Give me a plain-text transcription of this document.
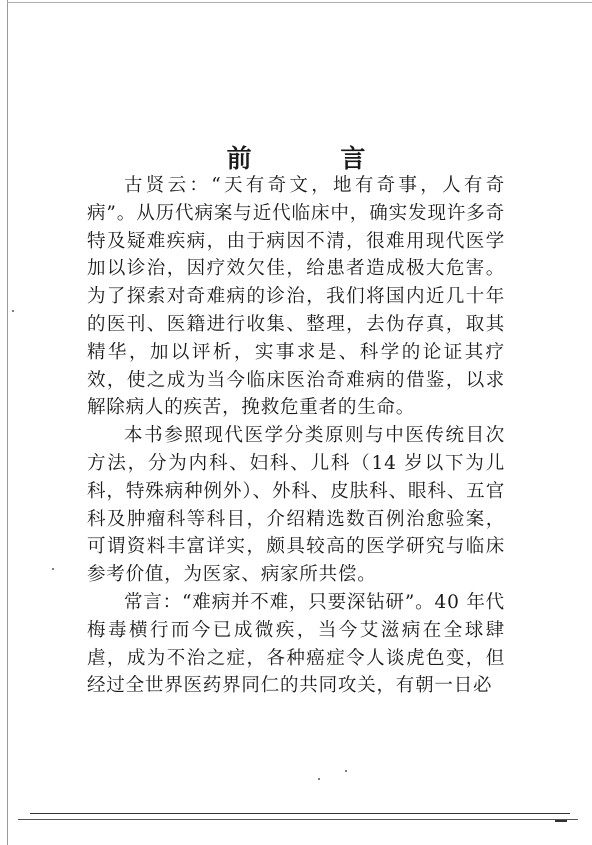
前 言

古贤云：“天有奇文，地有奇事，人有奇病”。从历代病案与近代临床中，确实发现许多奇特及疑难疾病，由于病因不清，很难用现代医学加以诊治，因疗效欠佳，给患者造成极大危害。为了探索对奇难病的诊治，我们将国内近几十年的医刊、医籍进行收集、整理，去伪存真，取其精华，加以评析，实事求是、科学的论证其疗效，使之成为当今临床医治奇难病的借鉴，以求解除病人的疾苦，挽救危重者的生命。

本书参照现代医学分类原则与中医传统目次方法，分为内科、妇科、儿科（14 岁以下为儿科，特殊病种例外）、外科、皮肤科、眼科、五官科及肿瘤科等科目，介绍精选数百例治愈验案，可谓资料丰富详实，颇具较高的医学研究与临床参考价值，为医家、病家所共偿。

常言：“难病并不难，只要深钻研”。40 年代梅毒横行而今已成微疾，当今艾滋病在全球肆虐，成为不治之症，各种癌症令人谈虎色变，但经过全世界医药界同仁的共同攻关，有朝一日必
